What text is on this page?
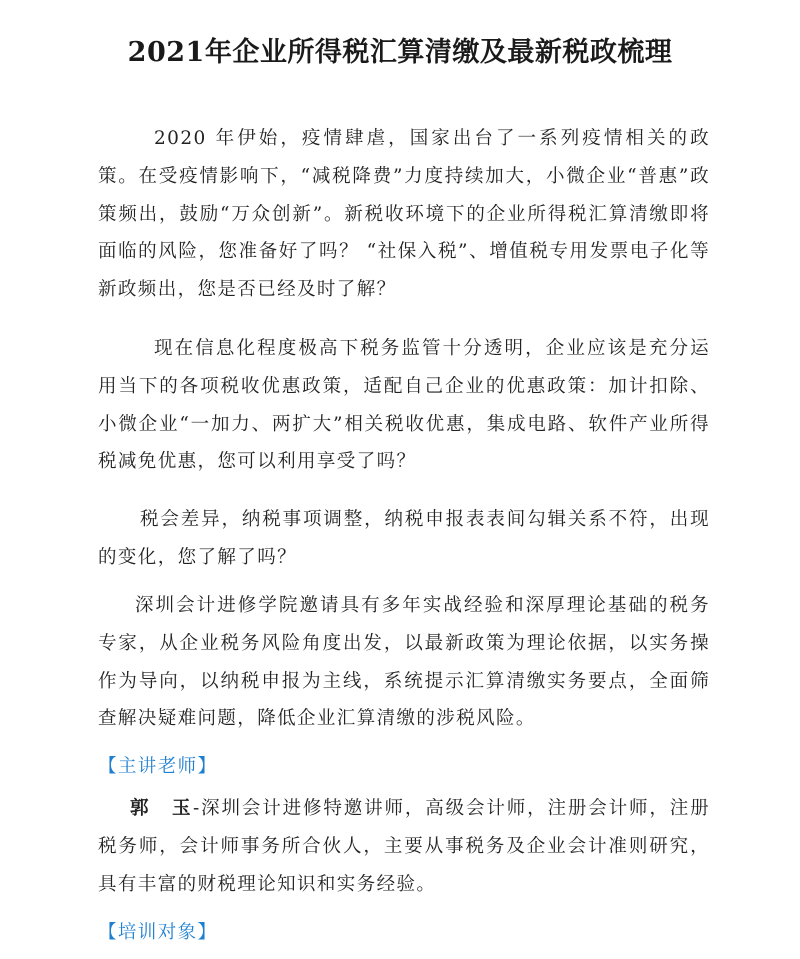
2021年企业所得税汇算清缴及最新税政梳理

2020 年伊始，疫情肆虐，国家出台了一系列疫情相关的政策。在受疫情影响下，“减税降费”力度持续加大，小微企业“普惠”政策频出，鼓励“万众创新”。新税收环境下的企业所得税汇算清缴即将面临的风险，您准备好了吗？ “社保入税”、增值税专用发票电子化等新政频出，您是否已经及时了解？

现在信息化程度极高下税务监管十分透明，企业应该是充分运用当下的各项税收优惠政策，适配自己企业的优惠政策：加计扣除、小微企业“一加力、两扩大”相关税收优惠，集成电路、软件产业所得税减免优惠，您可以利用享受了吗？

税会差异，纳税事项调整，纳税申报表表间勾辑关系不符，出现的变化，您了解了吗？

深圳会计进修学院邀请具有多年实战经验和深厚理论基础的税务专家，从企业税务风险角度出发，以最新政策为理论依据，以实务操作为导向，以纳税申报为主线，系统提示汇算清缴实务要点，全面筛查解决疑难问题，降低企业汇算清缴的涉税风险。

【主讲老师】

郭　玉-深圳会计进修特邀讲师，高级会计师，注册会计师，注册税务师，会计师事务所合伙人，主要从事税务及企业会计准则研究，具有丰富的财税理论知识和实务经验。

【培训对象】
